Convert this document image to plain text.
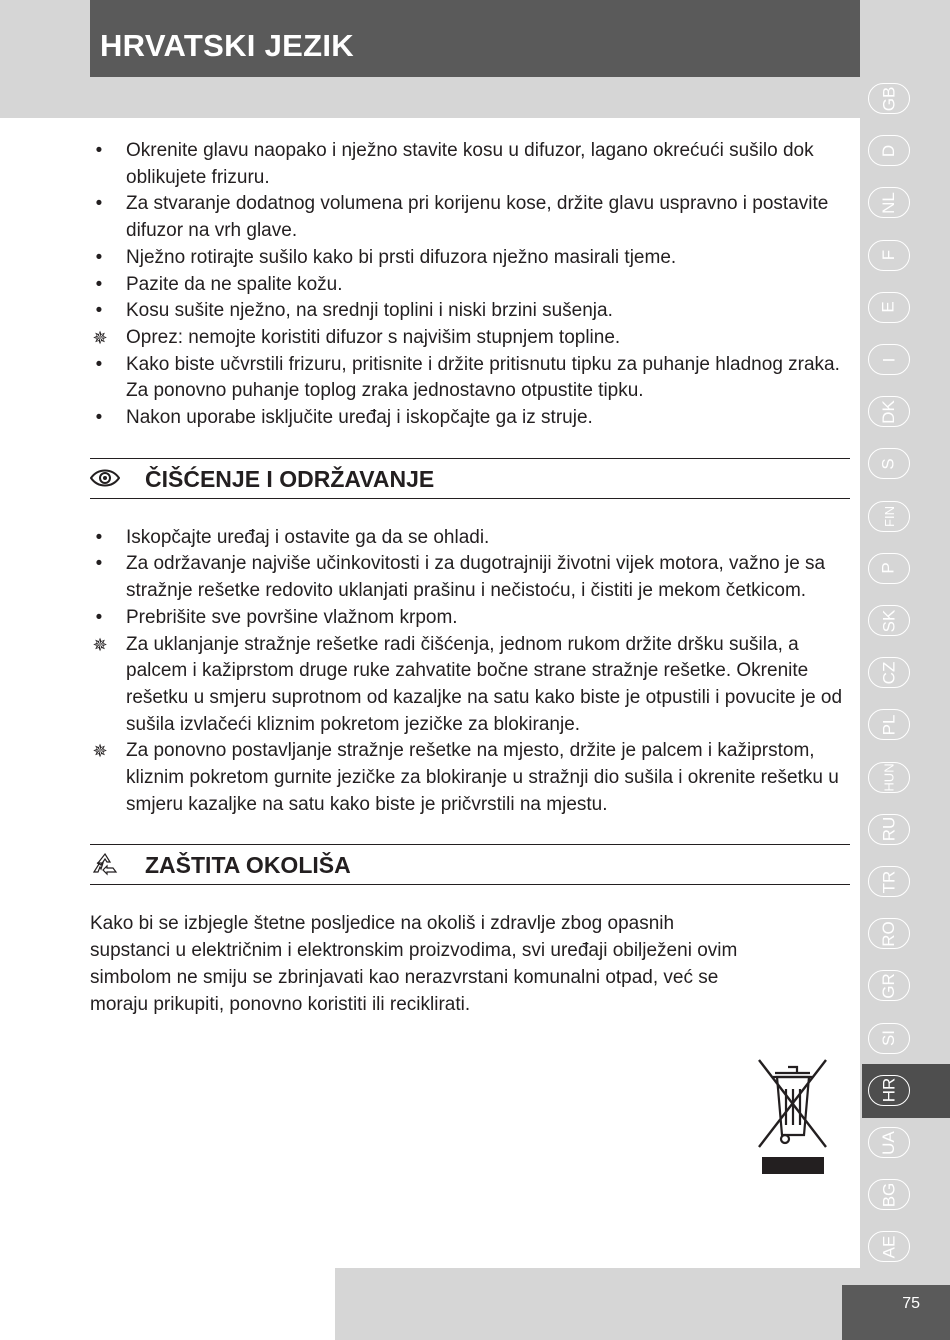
HRVATSKI JEZIK
75
GB
D
NL
F
E
I
DK
S
FIN
P
SK
CZ
PL
HUN
RU
TR
RO
GR
SI
HR
UA
BG
AE
• Okrenite glavu naopako i nježno stavite kosu u difuzor, lagano okrećući sušilo dok oblikujete frizuru.
• Za stvaranje dodatnog volumena pri korijenu kose, držite glavu uspravno i postavite difuzor na vrh glave.
• Nježno rotirajte sušilo kako bi prsti difuzora nježno masirali tjeme.
• Pazite da ne spalite kožu.
• Kosu sušite nježno, na srednji toplini i niski brzini sušenja.
✵ Oprez: nemojte koristiti difuzor s najvišim stupnjem topline.
• Kako biste učvrstili frizuru, pritisnite i držite pritisnutu tipku za puhanje hladnog zraka. Za ponovno puhanje toplog zraka jednostavno otpustite tipku.
• Nakon uporabe isključite uređaj i iskopčajte ga iz struje.
ČIŠĆENJE I ODRŽAVANJE
• Iskopčajte uređaj i ostavite ga da se ohladi.
• Za održavanje najviše učinkovitosti i za dugotrajniji životni vijek motora, važno je sa stražnje rešetke redovito uklanjati prašinu i nečistoću, i čistiti je mekom četkicom.
• Prebrišite sve površine vlažnom krpom.
✵ Za uklanjanje stražnje rešetke radi čišćenja, jednom rukom držite dršku sušila, a palcem i kažiprstom druge ruke zahvatite bočne strane stražnje rešetke. Okrenite rešetku u smjeru suprotnom od kazaljke na satu kako biste je otpustili i povucite je od sušila izvlačeći kliznim pokretom jezičke za blokiranje.
✵ Za ponovno postavljanje stražnje rešetke na mjesto, držite je palcem i kažiprstom, kliznim pokretom gurnite jezičke za blokiranje u stražnji dio sušila i okrenite rešetku u smjeru kazaljke na satu kako biste je pričvrstili na mjestu.
ZAŠTITA OKOLIŠA
Kako bi se izbjegle štetne posljedice na okoliš i zdravlje zbog opasnih supstanci u električnim i elektronskim proizvodima, svi uređaji obilježeni ovim simbolom ne smiju se zbrinjavati kao nerazvrstani komunalni otpad, već se moraju prikupiti, ponovno koristiti ili reciklirati.
